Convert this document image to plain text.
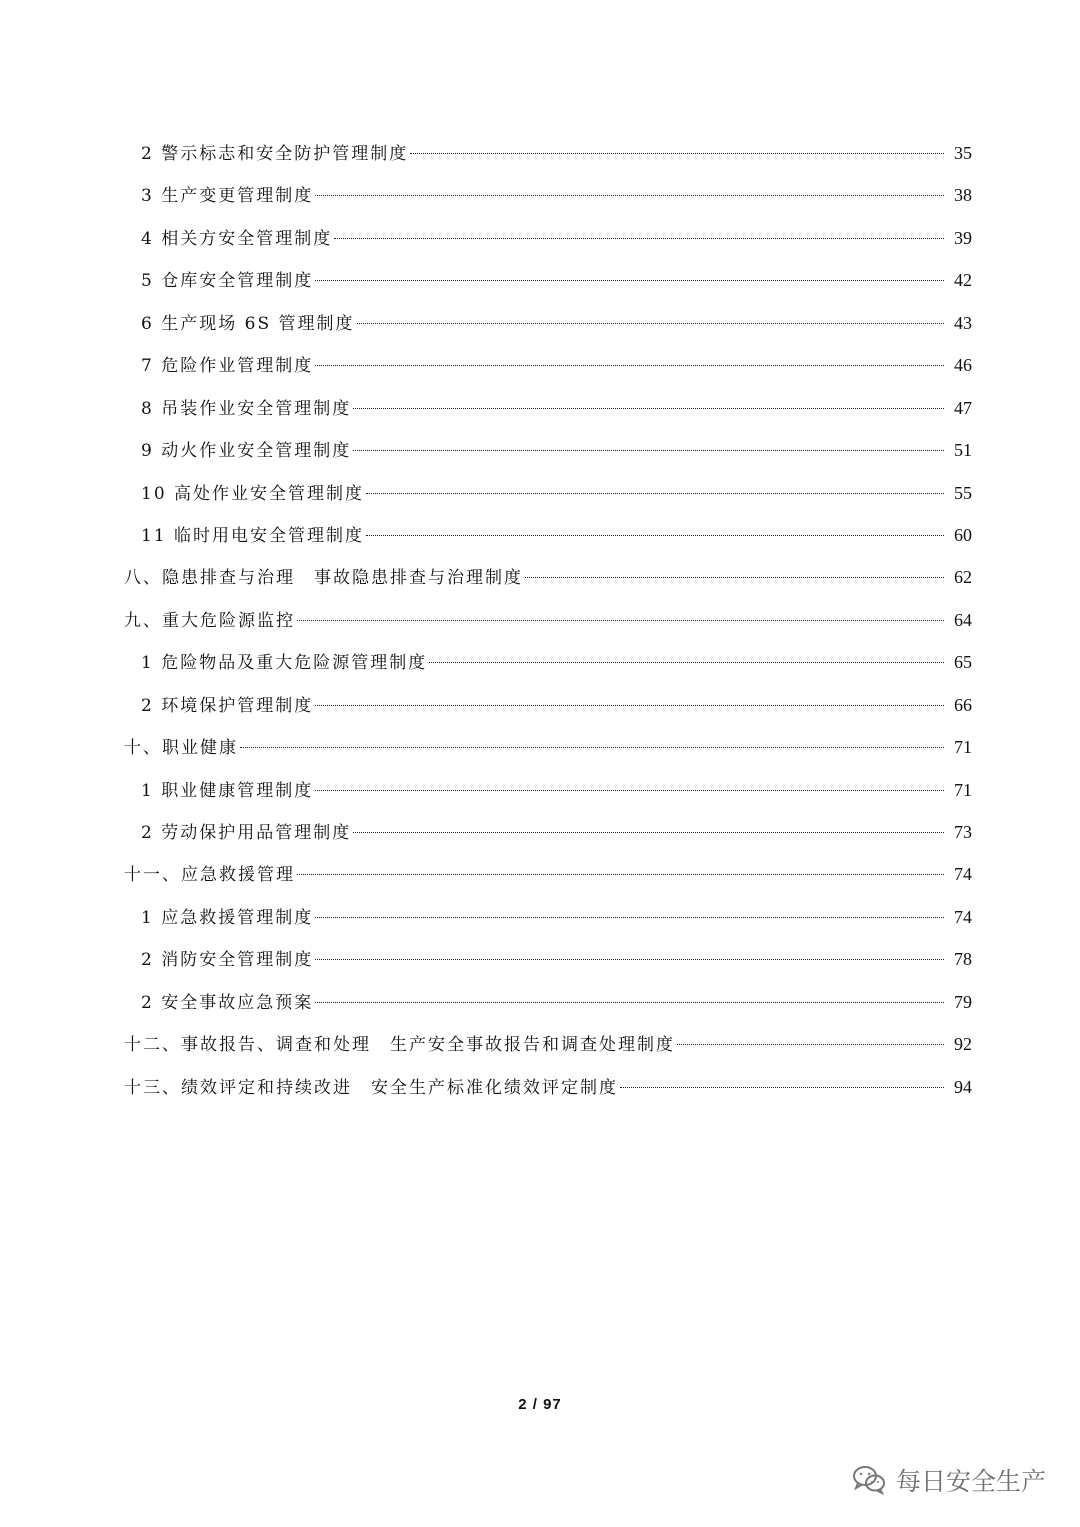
2 警示标志和安全防护管理制度	35
3 生产变更管理制度	38
4 相关方安全管理制度	39
5 仓库安全管理制度	42
6 生产现场 6S 管理制度	43
7 危险作业管理制度	46
8 吊装作业安全管理制度	47
9 动火作业安全管理制度	51
10 高处作业安全管理制度	55
11 临时用电安全管理制度	60
八、隐患排查与治理　事故隐患排查与治理制度	62
九、重大危险源监控	64
1 危险物品及重大危险源管理制度	65
2 环境保护管理制度	66
十、职业健康	71
1 职业健康管理制度	71
2 劳动保护用品管理制度	73
十一、应急救援管理	74
1 应急救援管理制度	74
2 消防安全管理制度	78
2 安全事故应急预案	79
十二、事故报告、调查和处理　生产安全事故报告和调查处理制度	92
十三、绩效评定和持续改进　安全生产标准化绩效评定制度	94
2 / 97
每日安全生产
